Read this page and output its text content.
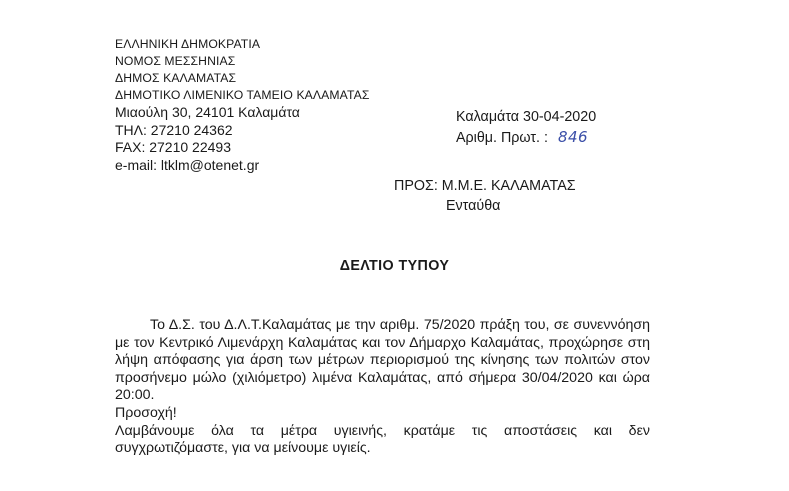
ΕΛΛΗΝΙΚΗ ΔΗΜΟΚΡΑΤΙΑ
ΝΟΜΟΣ ΜΕΣΣΗΝΙΑΣ
ΔΗΜΟΣ ΚΑΛΑΜΑΤΑΣ
ΔΗΜΟΤΙΚΟ ΛΙΜΕΝΙΚΟ ΤΑΜΕΙΟ ΚΑΛΑΜΑΤΑΣ
Μιαούλη 30, 24101 Καλαμάτα
ΤΗΛ: 27210 24362
FAX: 27210 22493
e-mail: ltklm@otenet.gr
Καλαμάτα 30-04-2020
Αριθμ. Πρωτ. : 846
ΠΡΟΣ: Μ.Μ.Ε. ΚΑΛΑΜΑΤΑΣ
Ενταύθα
ΔΕΛΤΙΟ ΤΥΠΟΥ

Το Δ.Σ. του Δ.Λ.Τ.Καλαμάτας με την αριθμ. 75/2020 πράξη του, σε συνεννόηση με τον Κεντρικό Λιμενάρχη Καλαμάτας και τον Δήμαρχο Καλαμάτας, προχώρησε στη λήψη απόφασης για άρση των μέτρων περιορισμού της κίνησης των πολιτών στον προσήνεμο μώλο (χιλιόμετρο) λιμένα Καλαμάτας, από σήμερα 30/04/2020 και ώρα 20:00.

Προσοχή!

Λαμβάνουμε όλα τα μέτρα υγιεινής, κρατάμε τις αποστάσεις και δεν συγχρωτιζόμαστε, για να μείνουμε υγιείς.
